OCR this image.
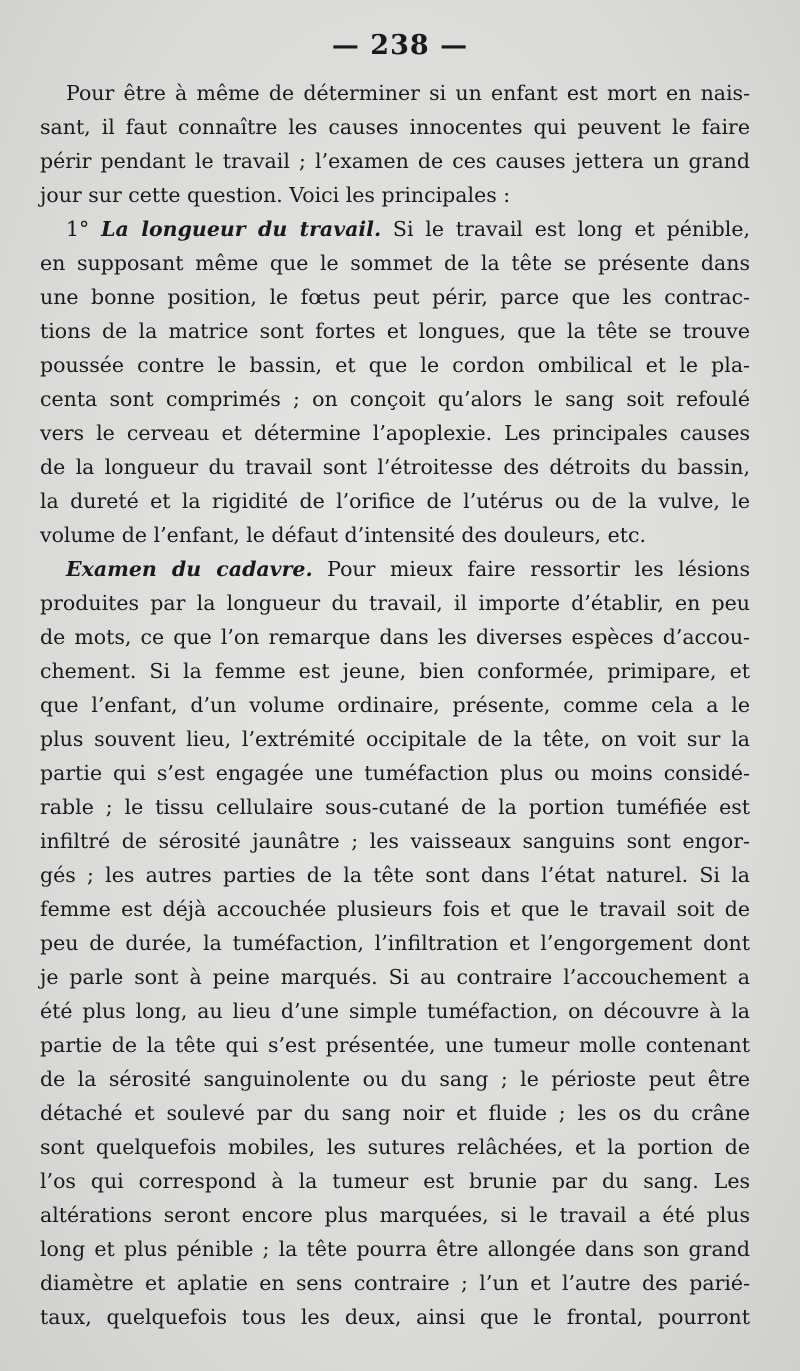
— 238 —
Pour être à même de déterminer si un enfant est mort en nais-
sant, il faut connaître les causes innocentes qui peuvent le faire
périr pendant le travail ; l’examen de ces causes jettera un grand
jour sur cette question. Voici les principales :
1° La longueur du travail. Si le travail est long et pénible,
en supposant même que le sommet de la tête se présente dans
une bonne position, le fœtus peut périr, parce que les contrac-
tions de la matrice sont fortes et longues, que la tête se trouve
poussée contre le bassin, et que le cordon ombilical et le pla-
centa sont comprimés ; on conçoit qu’alors le sang soit refoulé
vers le cerveau et détermine l’apoplexie. Les principales causes
de la longueur du travail sont l’étroitesse des détroits du bassin,
la dureté et la rigidité de l’orifice de l’utérus ou de la vulve, le
volume de l’enfant, le défaut d’intensité des douleurs, etc.
Examen du cadavre. Pour mieux faire ressortir les lésions
produites par la longueur du travail, il importe d’établir, en peu
de mots, ce que l’on remarque dans les diverses espèces d’accou-
chement. Si la femme est jeune, bien conformée, primipare, et
que l’enfant, d’un volume ordinaire, présente, comme cela a le
plus souvent lieu, l’extrémité occipitale de la tête, on voit sur la
partie qui s’est engagée une tuméfaction plus ou moins considé-
rable ; le tissu cellulaire sous-cutané de la portion tuméfiée est
infiltré de sérosité jaunâtre ; les vaisseaux sanguins sont engor-
gés ; les autres parties de la tête sont dans l’état naturel. Si la
femme est déjà accouchée plusieurs fois et que le travail soit de
peu de durée, la tuméfaction, l’infiltration et l’engorgement dont
je parle sont à peine marqués. Si au contraire l’accouchement a
été plus long, au lieu d’une simple tuméfaction, on découvre à la
partie de la tête qui s’est présentée, une tumeur molle contenant
de la sérosité sanguinolente ou du sang ; le périoste peut être
détaché et soulevé par du sang noir et fluide ; les os du crâne
sont quelquefois mobiles, les sutures relâchées, et la portion de
l’os qui correspond à la tumeur est brunie par du sang. Les
altérations seront encore plus marquées, si le travail a été plus
long et plus pénible ; la tête pourra être allongée dans son grand
diamètre et aplatie en sens contraire ; l’un et l’autre des parié-
taux, quelquefois tous les deux, ainsi que le frontal, pourront
